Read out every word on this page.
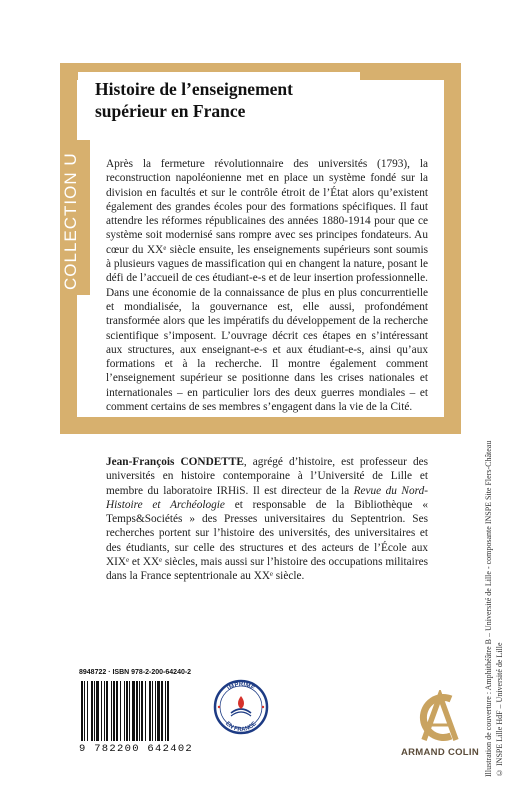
COLLECTION U
Histoire de l’enseignement supérieur en France

Après la fermeture révolutionnaire des universités (1793), la reconstruction napoléonienne met en place un système fondé sur la division en facultés et sur le contrôle étroit de l’État alors qu’existent également des grandes écoles pour des formations spécifiques. Il faut attendre les réformes républicaines des années 1880-1914 pour que ce système soit modernisé sans rompre avec ses principes fondateurs. Au cœur du XXᵉ siècle ensuite, les enseignements supérieurs sont soumis à plusieurs vagues de massification qui en changent la nature, posant le défi de l’accueil de ces étudiant-e-s et de leur insertion professionnelle. Dans une économie de la connaissance de plus en plus concurrentielle et mondialisée, la gouvernance est, elle aussi, profondément transformée alors que les impératifs du développement de la recherche scientifique s’imposent. L’ouvrage décrit ces étapes en s’intéressant aux structures, aux enseignant-e-s et aux étudiant-e-s, ainsi qu’aux formations et à la recherche. Il montre également comment l’enseignement supérieur se positionne dans les crises nationales et internationales – en particulier lors des deux guerres mondiales – et comment certains de ses membres s’engagent dans la vie de la Cité.

Jean-François CONDETTE, agrégé d’histoire, est professeur des universités en histoire contemporaine à l’Université de Lille et membre du laboratoire IRHiS. Il est directeur de la Revue du Nord-Histoire et Archéologie et responsable de la Bibliothèque « Temps&Sociétés » des Presses universitaires du Septentrion. Ses recherches portent sur l’histoire des universités, des universitaires et des étudiants, sur celle des structures et des acteurs de l’École aux XIXᵉ et XXᵉ siècles, mais aussi sur l’histoire des occupations militaires dans la France septentrionale au XXᵉ siècle.	Illustration de couverture : Amphithéâtre B – Université de Lille - composante INSPE Site Flers-Château © INSPE Lille HdF – Université de Lille
8948722 · ISBN 978-2-200-64240-2
9 782200 642402
IMPRIMÉ
EN FRANCE
ARMAND COLIN
